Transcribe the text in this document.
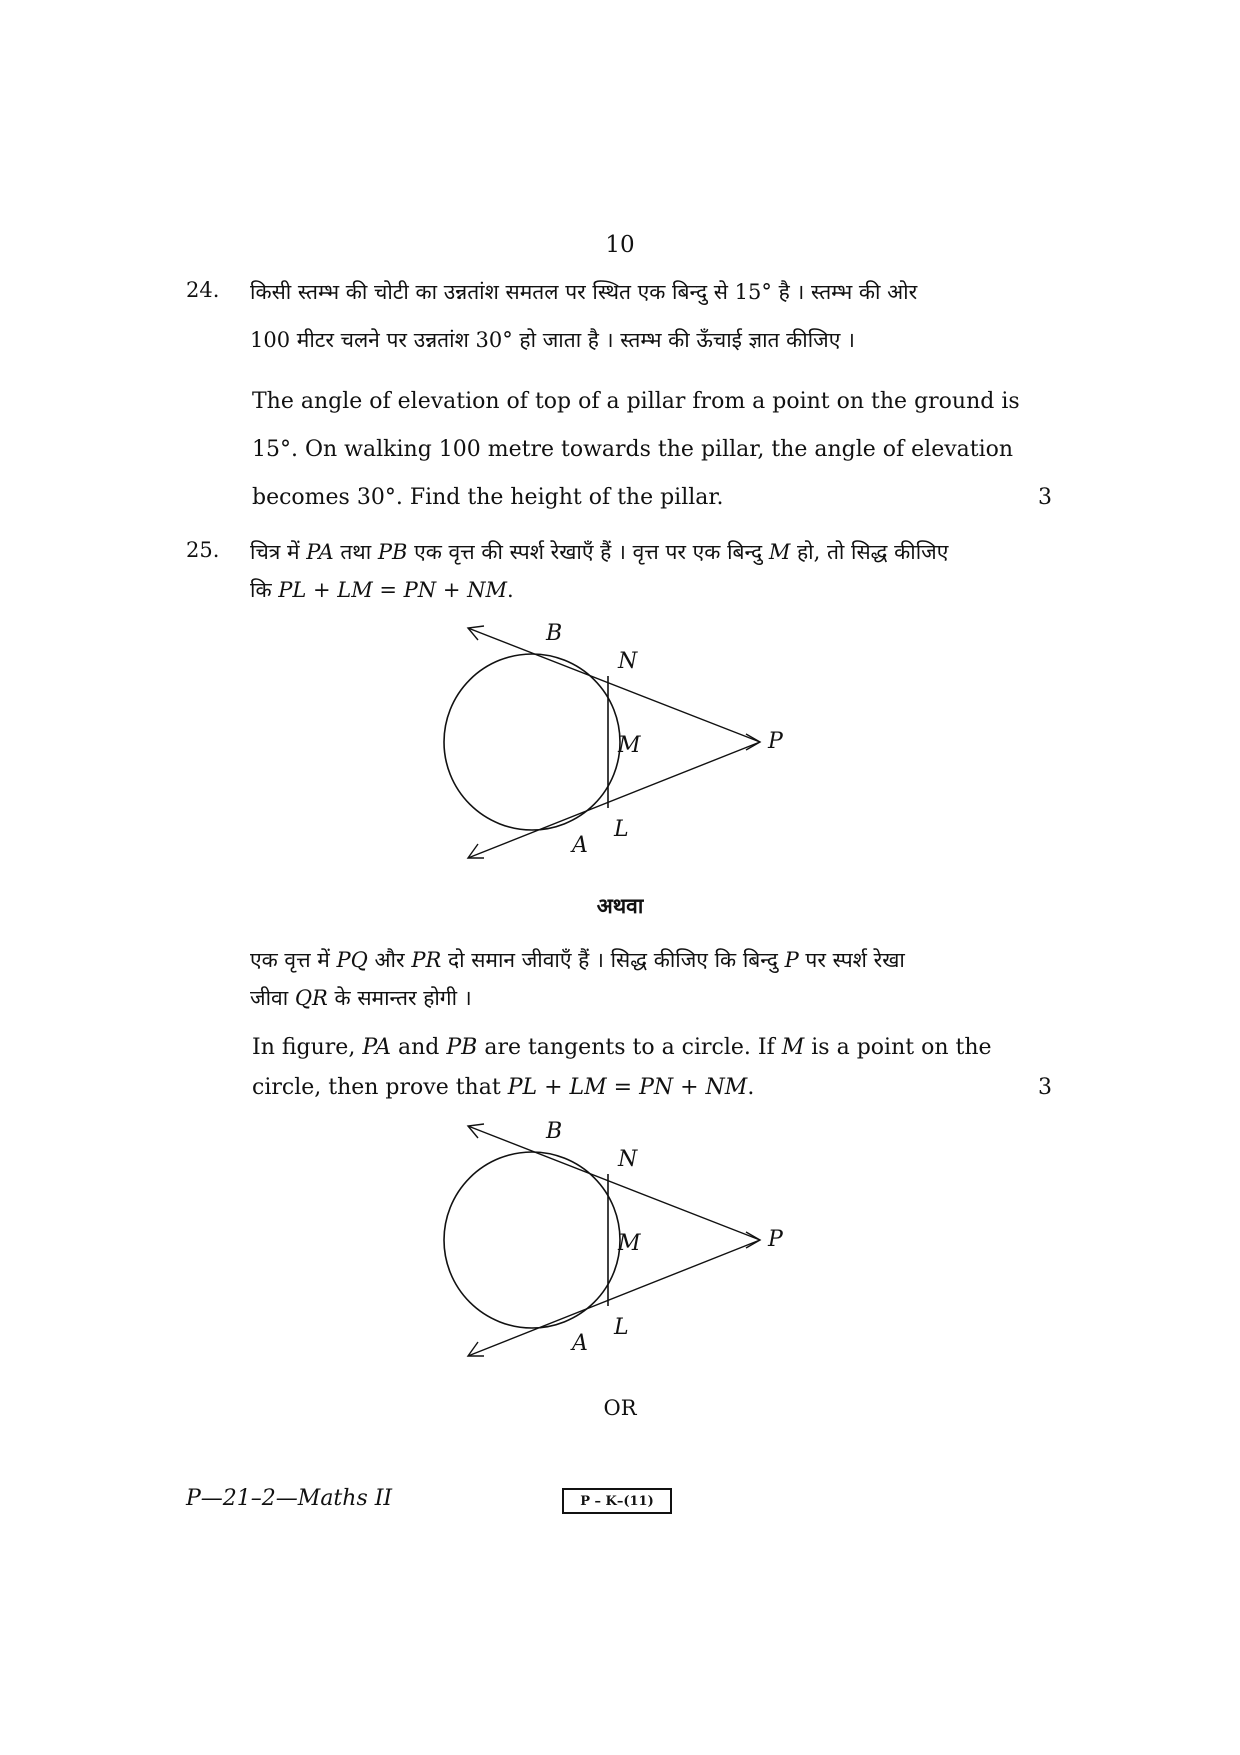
10
24. किसी स्तम्भ की चोटी का उन्नतांश समतल पर स्थित एक बिन्दु से 15° है । स्तम्भ की ओर
100 मीटर चलने पर उन्नतांश 30° हो जाता है । स्तम्भ की ऊँचाई ज्ञात कीजिए ।
The angle of elevation of top of a pillar from a point on the ground is
15°. On walking 100 metre towards the pillar, the angle of elevation
becomes 30°. Find the height of the pillar.	3
25. चित्र में PA तथा PB एक वृत्त की स्पर्श रेखाएँ हैं । वृत्त पर एक बिन्दु M हो, तो सिद्ध कीजिए
कि PL + LM = PN + NM.
B
N
M	P
L
A
अथवा
एक वृत्त में PQ और PR दो समान जीवाएँ हैं । सिद्ध कीजिए कि बिन्दु P पर स्पर्श रेखा
जीवा QR के समान्तर होगी ।
In figure, PA and PB are tangents to a circle. If M is a point on the
circle, then prove that PL + LM = PN + NM.	3
B
N
M	P
L
A
OR
P—21–2—Maths II	P – K–(11)
